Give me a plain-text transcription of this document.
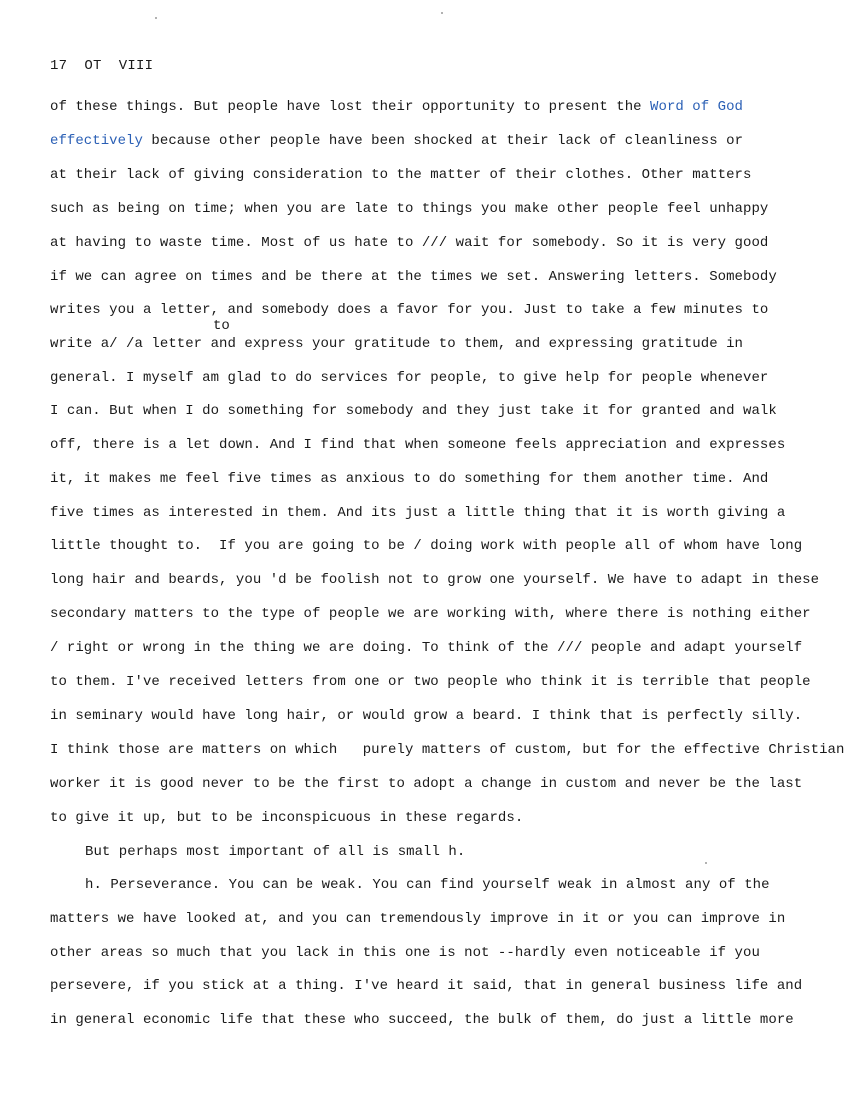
17  OT  VIII
of these things. But people have lost their opportunity to present the Word of God
effectively because other people have been shocked at their lack of cleanliness or
at their lack of giving consideration to the matter of their clothes. Other matters
such as being on time; when you are late to things you make other people feel unhappy
at having to waste time. Most of us hate to /// wait for somebody. So it is very good
if we can agree on times and be there at the times we set. Answering letters. Somebody
writes you a letter, and somebody does a favor for you. Just to take a few minutes to
write a/ /a letter and express your gratitude to them, and expressing gratitude in
general. I myself am glad to do services for people, to give help for people whenever
I can. But when I do something for somebody and they just take it for granted and walk
off, there is a let down. And I find that when someone feels appreciation and expresses
it, it makes me feel five times as anxious to do something for them another time. And
five times as interested in them. And its just a little thing that it is worth giving a
little thought to.  If you are going to be / doing work with people all of whom have long
long hair and beards, you 'd be foolish not to grow one yourself. We have to adapt in these
secondary matters to the type of people we are working with, where there is nothing either
/ right or wrong in the thing we are doing. To think of the /// people and adapt yourself
to them. I've received letters from one or two people who think it is terrible that people
in seminary would have long hair, or would grow a beard. I think that is perfectly silly.
I think those are matters on which   purely matters of custom, but for the effective Christian
worker it is good never to be the first to adopt a change in custom and never be the last
to give it up, but to be inconspicuous in these regards.
But perhaps most important of all is small h.
h. Perseverance. You can be weak. You can find yourself weak in almost any of the
matters we have looked at, and you can tremendously improve in it or you can improve in
other areas so much that you lack in this one is not --hardly even noticeable if you
persevere, if you stick at a thing. I've heard it said, that in general business life and
in general economic life that these who succeed, the bulk of them, do just a little more
to
